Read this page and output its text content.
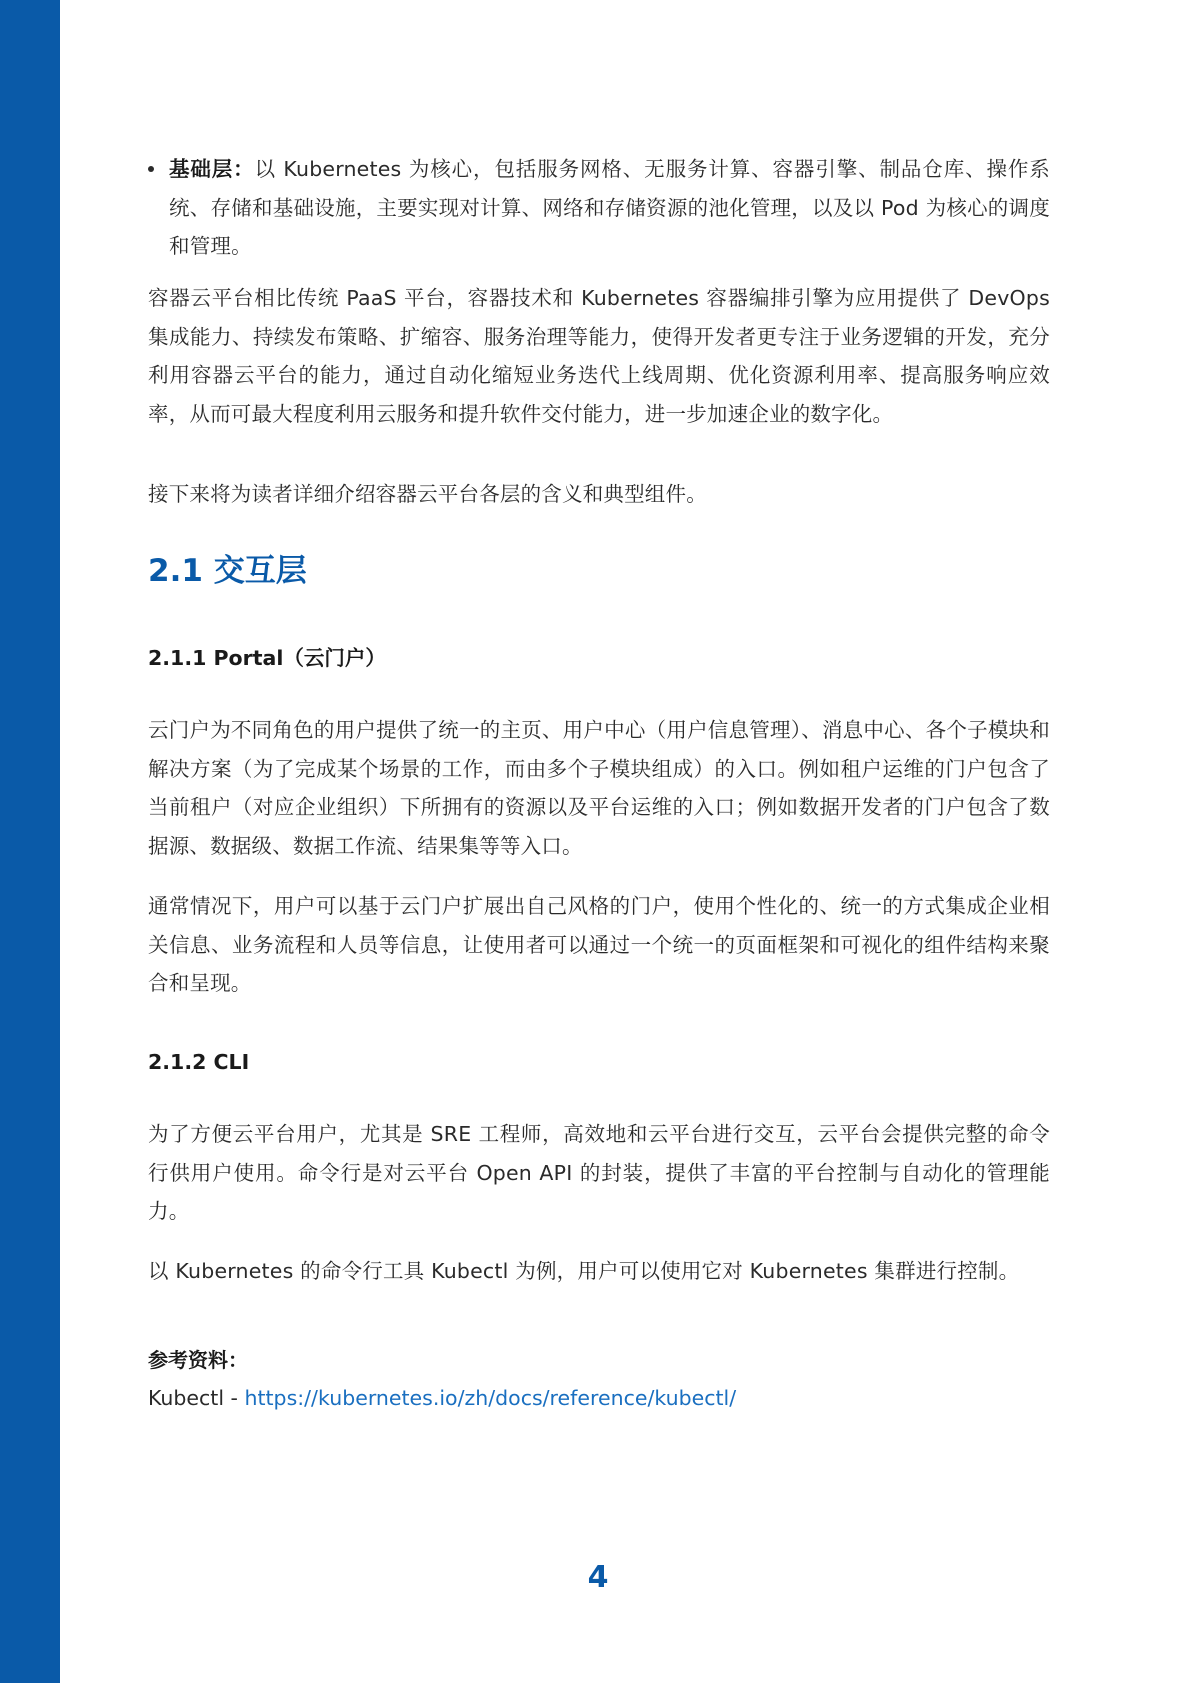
基础层：以 Kubernetes 为核心，包括服务网格、无服务计算、容器引擎、制品仓库、操作系统、存储和基础设施，主要实现对计算、网络和存储资源的池化管理，以及以 Pod 为核心的调度和管理。

容器云平台相比传统 PaaS 平台，容器技术和 Kubernetes 容器编排引擎为应用提供了 DevOps 集成能力、持续发布策略、扩缩容、服务治理等能力，使得开发者更专注于业务逻辑的开发，充分利用容器云平台的能力，通过自动化缩短业务迭代上线周期、优化资源利用率、提高服务响应效率，从而可最大程度利用云服务和提升软件交付能力，进一步加速企业的数字化。

接下来将为读者详细介绍容器云平台各层的含义和典型组件。

2.1 交互层
2.1.1 Portal（云门户）

云门户为不同角色的用户提供了统一的主页、用户中心（用户信息管理）、消息中心、各个子模块和解决方案（为了完成某个场景的工作，而由多个子模块组成）的入口。例如租户运维的门户包含了当前租户（对应企业组织）下所拥有的资源以及平台运维的入口；例如数据开发者的门户包含了数据源、数据级、数据工作流、结果集等等入口。

通常情况下，用户可以基于云门户扩展出自己风格的门户，使用个性化的、统一的方式集成企业相关信息、业务流程和人员等信息，让使用者可以通过一个统一的页面框架和可视化的组件结构来聚合和呈现。

2.1.2 CLI

为了方便云平台用户，尤其是 SRE 工程师，高效地和云平台进行交互，云平台会提供完整的命令行供用户使用。命令行是对云平台 Open API 的封装，提供了丰富的平台控制与自动化的管理能力。

以 Kubernetes 的命令行工具 Kubectl 为例，用户可以使用它对 Kubernetes 集群进行控制。

参考资料：

Kubectl - https://kubernetes.io/zh/docs/reference/kubectl/

4
